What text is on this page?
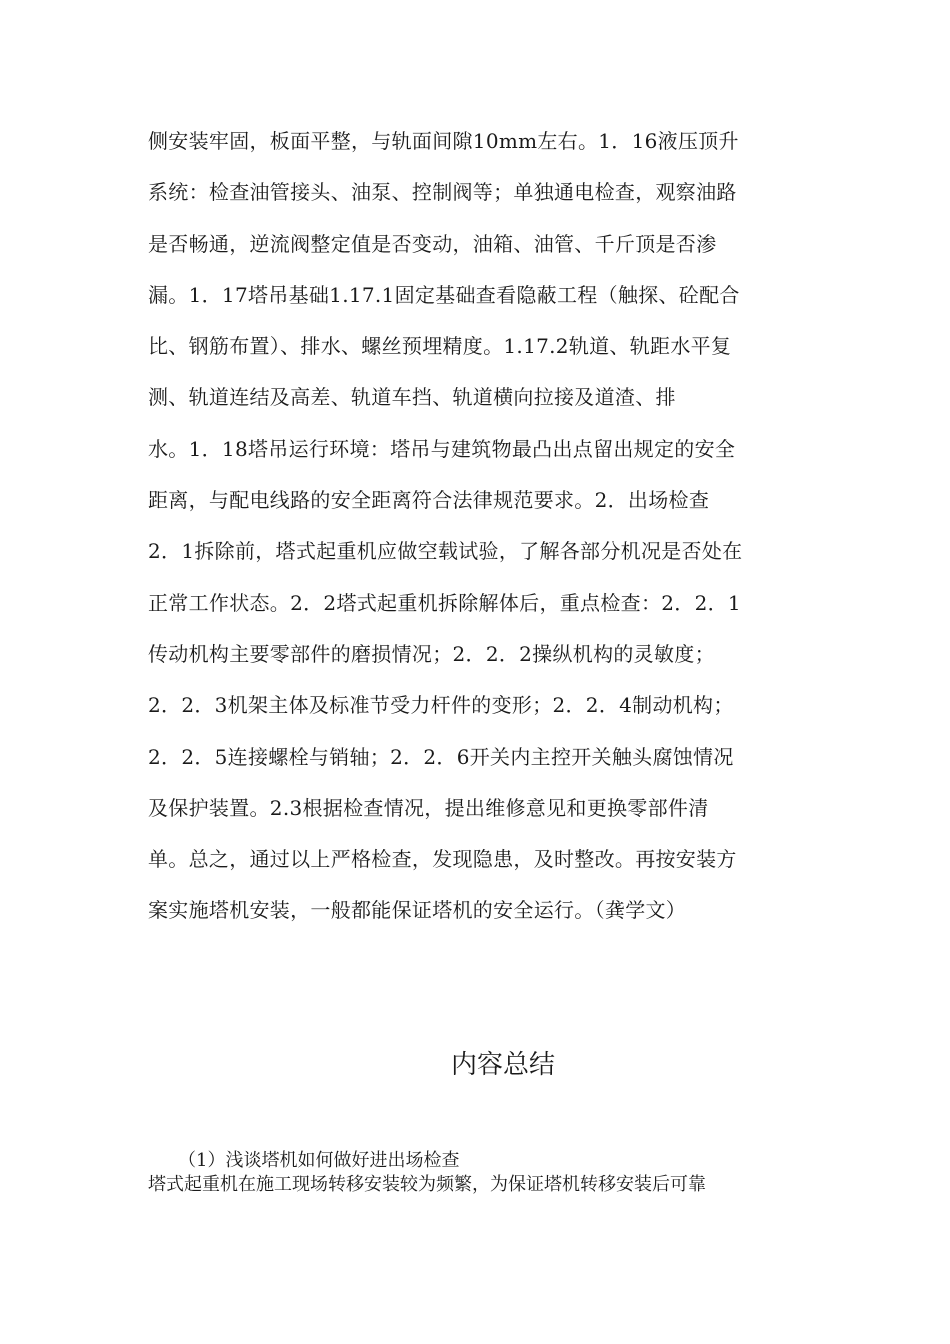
侧安装牢固，板面平整，与轨面间隙10mm左右。1．16液压顶升
系统：检查油管接头、油泵、控制阀等；单独通电检查，观察油路
是否畅通，逆流阀整定值是否变动，油箱、油管、千斤顶是否渗
漏。1．17塔吊基础1.17.1固定基础查看隐蔽工程（触探、砼配合
比、钢筋布置）、排水、螺丝预埋精度。1.17.2轨道、轨距水平复
测、轨道连结及高差、轨道车挡、轨道横向拉接及道渣、排
水。1．18塔吊运行环境：塔吊与建筑物最凸出点留出规定的安全
距离，与配电线路的安全距离符合法律规范要求。2．出场检查
2．1拆除前，塔式起重机应做空载试验，了解各部分机况是否处在
正常工作状态。2．2塔式起重机拆除解体后，重点检查：2．2．1
传动机构主要零部件的磨损情况；2．2．2操纵机构的灵敏度；
2．2．3机架主体及标准节受力杆件的变形；2．2．4制动机构；
2．2．5连接螺栓与销轴；2．2．6开关内主控开关触头腐蚀情况
及保护装置。2.3根据检查情况，提出维修意见和更换零部件清
单。总之，通过以上严格检查，发现隐患，及时整改。再按安装方
案实施塔机安装，一般都能保证塔机的安全运行。（龚学文）
内容总结
（1）浅谈塔机如何做好进出场检查
塔式起重机在施工现场转移安装较为频繁，为保证塔机转移安装后可靠
